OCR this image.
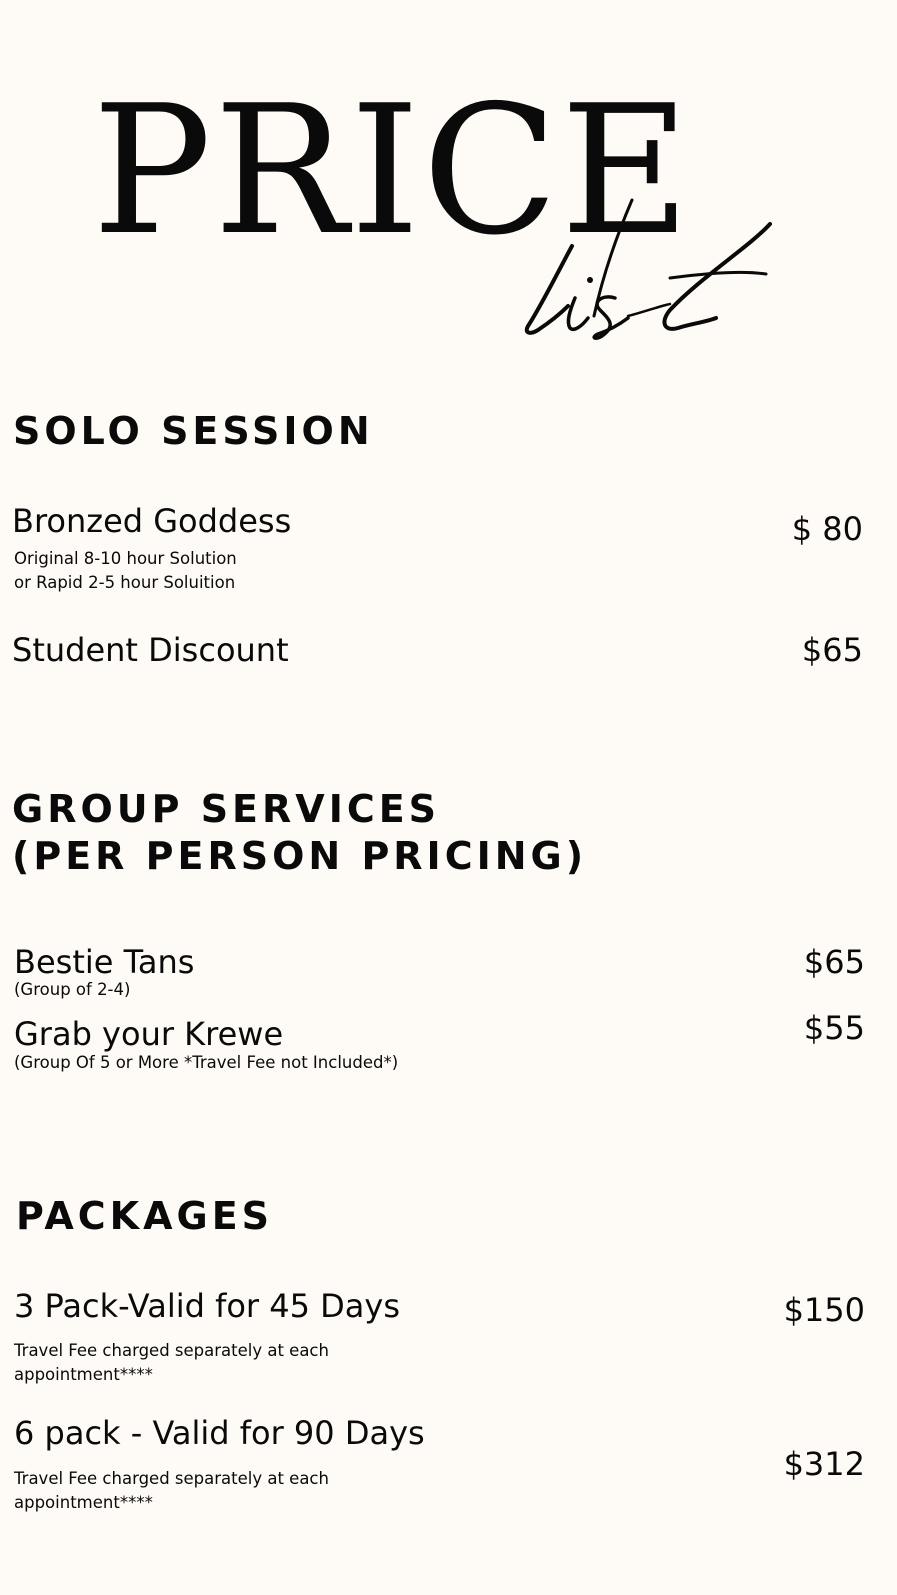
PRICE
SOLO SESSION
Bronzed Goddess
Original 8-10 hour Solution
or Rapid 2-5 hour Soluition
$ 80
Student Discount	$65
GROUP SERVICES
(PER PERSON PRICING)
Bestie Tans
(Group of 2-4)
$65
Grab your Krewe
(Group Of 5 or More *Travel Fee not Included*)
$55
PACKAGES
3 Pack-Valid for 45 Days
Travel Fee charged separately at each
appointment****
$150
6 pack - Valid for 90 Days
Travel Fee charged separately at each
appointment****
$312
